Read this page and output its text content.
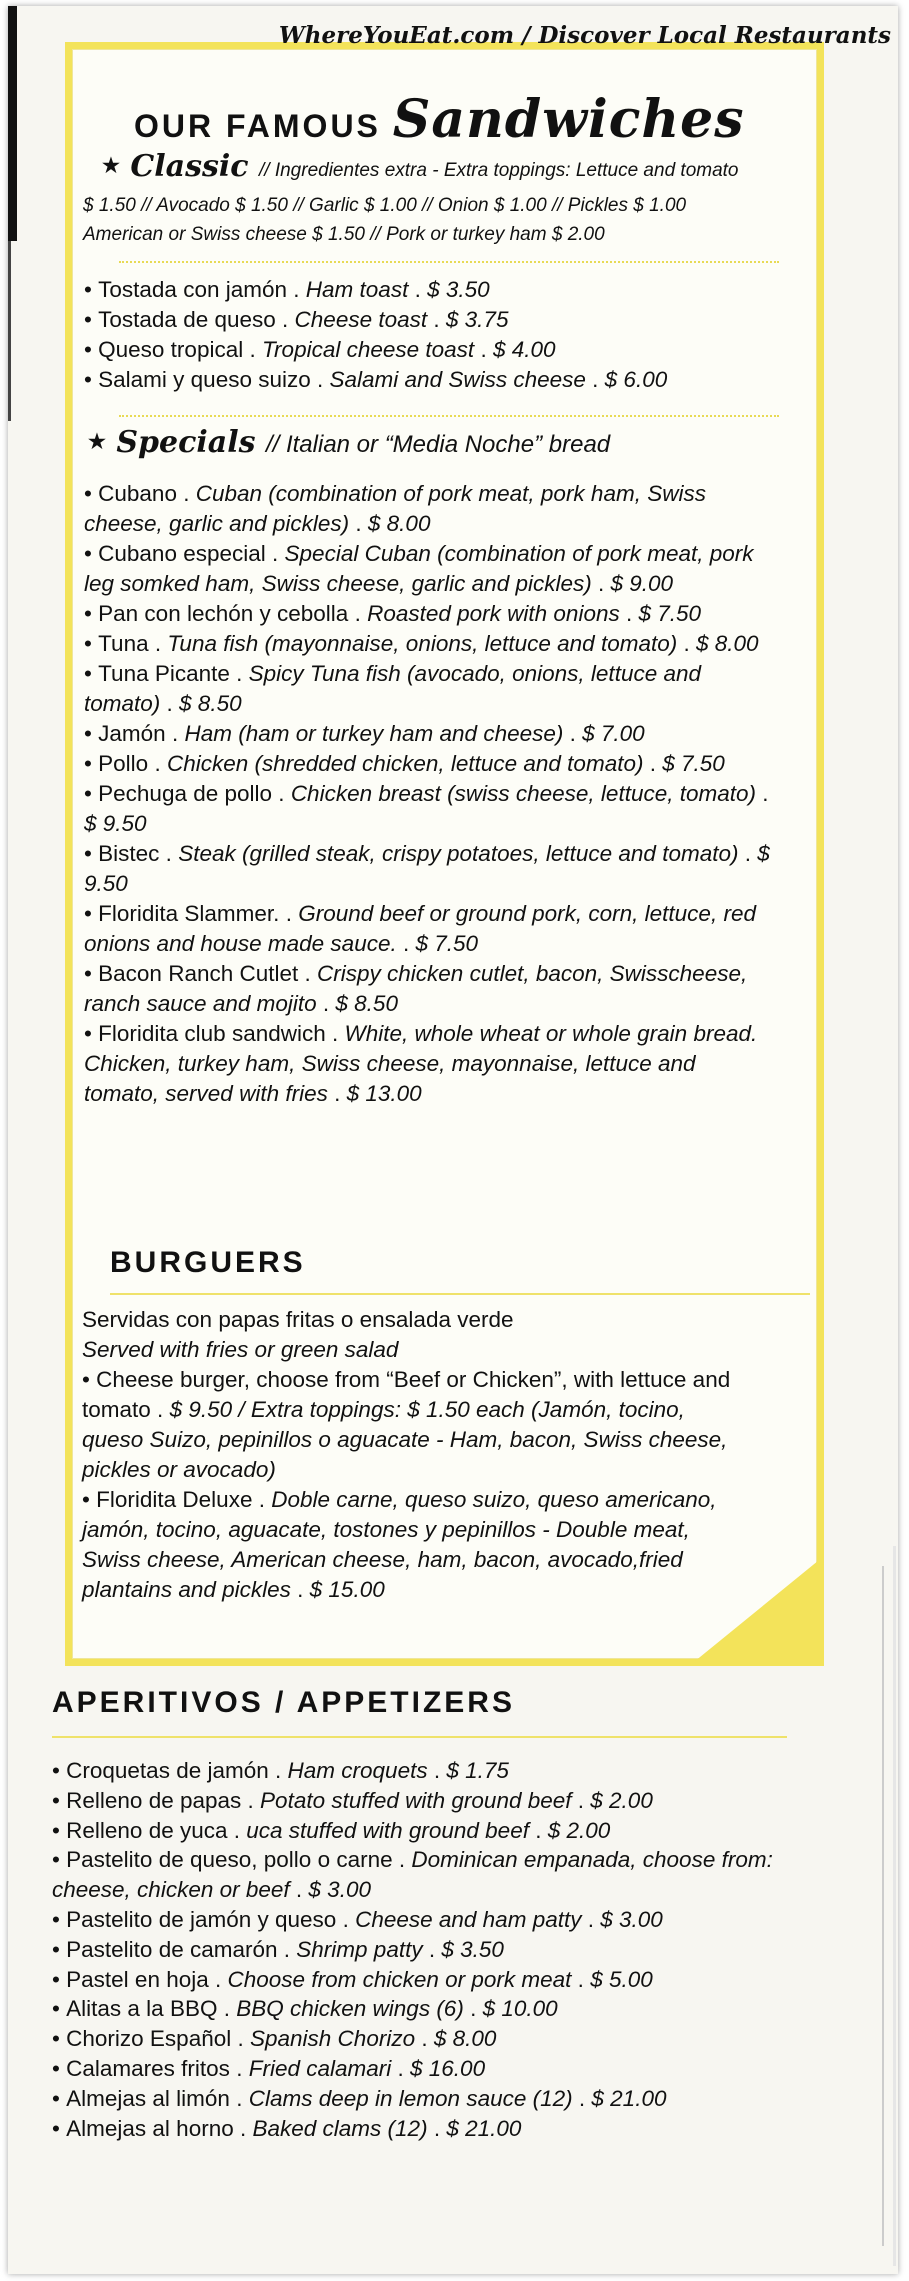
OUR FAMOUS Sandwiches
★ Classic // Ingredientes extra - Extra toppings: Lettuce and tomato
$ 1.50 // Avocado $ 1.50 // Garlic $ 1.00 // Onion $ 1.00 // Pickles $ 1.00
American or Swiss cheese $ 1.50 // Pork or turkey ham $ 2.00
• Tostada con jamón . Ham toast . $ 3.50
• Tostada de queso . Cheese toast . $ 3.75
• Queso tropical . Tropical cheese toast . $ 4.00
• Salami y queso suizo . Salami and Swiss cheese . $ 6.00
★ Specials // Italian or “Media Noche” bread
• Cubano . Cuban (combination of pork meat, pork ham, Swiss cheese, garlic and pickles) . $ 8.00
• Cubano especial . Special Cuban (combination of pork meat, pork leg somked ham, Swiss cheese, garlic and pickles) . $ 9.00
• Pan con lechón y cebolla . Roasted pork with onions . $ 7.50
• Tuna . Tuna fish (mayonnaise, onions, lettuce and tomato) . $ 8.00
• Tuna Picante . Spicy Tuna fish (avocado, onions, lettuce and tomato) . $ 8.50
• Jamón . Ham (ham or turkey ham and cheese) . $ 7.00
• Pollo . Chicken (shredded chicken, lettuce and tomato) . $ 7.50
• Pechuga de pollo . Chicken breast (swiss cheese, lettuce, tomato) . $ 9.50
• Bistec . Steak (grilled steak, crispy potatoes, lettuce and tomato) . $ 9.50
• Floridita Slammer. . Ground beef or ground pork, corn, lettuce, red onions and house made sauce. . $ 7.50
• Bacon Ranch Cutlet . Crispy chicken cutlet, bacon, Swisscheese, ranch sauce and mojito . $ 8.50
• Floridita club sandwich . White, whole wheat or whole grain bread. Chicken, turkey ham, Swiss cheese, mayonnaise, lettuce and tomato, served with fries . $ 13.00
BURGUERS
Servidas con papas fritas o ensalada verde
Served with fries or green salad
• Cheese burger, choose from “Beef or Chicken”, with lettuce and tomato . $ 9.50 / Extra toppings: $ 1.50 each (Jamón, tocino, queso Suizo, pepinillos o aguacate - Ham, bacon, Swiss cheese, pickles or avocado)
• Floridita Deluxe . Doble carne, queso suizo, queso americano, jamón, tocino, aguacate, tostones y pepinillos - Double meat, Swiss cheese, American cheese, ham, bacon, avocado,fried plantains and pickles . $ 15.00
APERITIVOS / APPETIZERS
• Croquetas de jamón . Ham croquets . $ 1.75
• Relleno de papas . Potato stuffed with ground beef . $ 2.00
• Relleno de yuca . uca stuffed with ground beef . $ 2.00
• Pastelito de queso, pollo o carne . Dominican empanada, choose from: cheese, chicken or beef . $ 3.00
• Pastelito de jamón y queso . Cheese and ham patty . $ 3.00
• Pastelito de camarón . Shrimp patty . $ 3.50
• Pastel en hoja . Choose from chicken or pork meat . $ 5.00
• Alitas a la BBQ . BBQ chicken wings (6) . $ 10.00
• Chorizo Español . Spanish Chorizo . $ 8.00
• Calamares fritos . Fried calamari . $ 16.00
• Almejas al limón . Clams deep in lemon sauce (12) . $ 21.00
• Almejas al horno . Baked clams (12) . $ 21.00
WhereYouEat.com / Discover Local Restaurants
